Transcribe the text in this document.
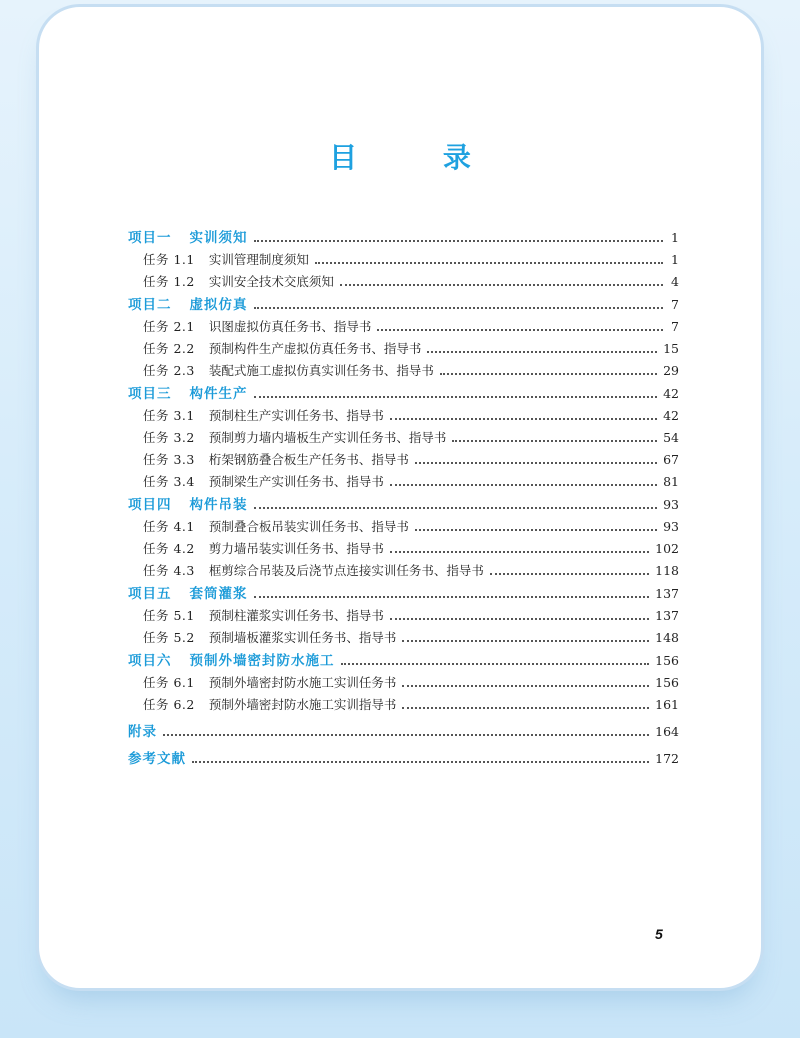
目 录
项目一 实训须知	1
任务 1.1 实训管理制度须知	1
任务 1.2 实训安全技术交底须知	4
项目二 虚拟仿真	7
任务 2.1 识图虚拟仿真任务书、指导书	7
任务 2.2 预制构件生产虚拟仿真任务书、指导书	15
任务 2.3 装配式施工虚拟仿真实训任务书、指导书	29
项目三 构件生产	42
任务 3.1 预制柱生产实训任务书、指导书	42
任务 3.2 预制剪力墙内墙板生产实训任务书、指导书	54
任务 3.3 桁架钢筋叠合板生产任务书、指导书	67
任务 3.4 预制梁生产实训任务书、指导书	81
项目四 构件吊装	93
任务 4.1 预制叠合板吊装实训任务书、指导书	93
任务 4.2 剪力墙吊装实训任务书、指导书	102
任务 4.3 框剪综合吊装及后浇节点连接实训任务书、指导书	118
项目五 套筒灌浆	137
任务 5.1 预制柱灌浆实训任务书、指导书	137
任务 5.2 预制墙板灌浆实训任务书、指导书	148
项目六 预制外墙密封防水施工	156
任务 6.1 预制外墙密封防水施工实训任务书	156
任务 6.2 预制外墙密封防水施工实训指导书	161
附录	164
参考文献	172
5
